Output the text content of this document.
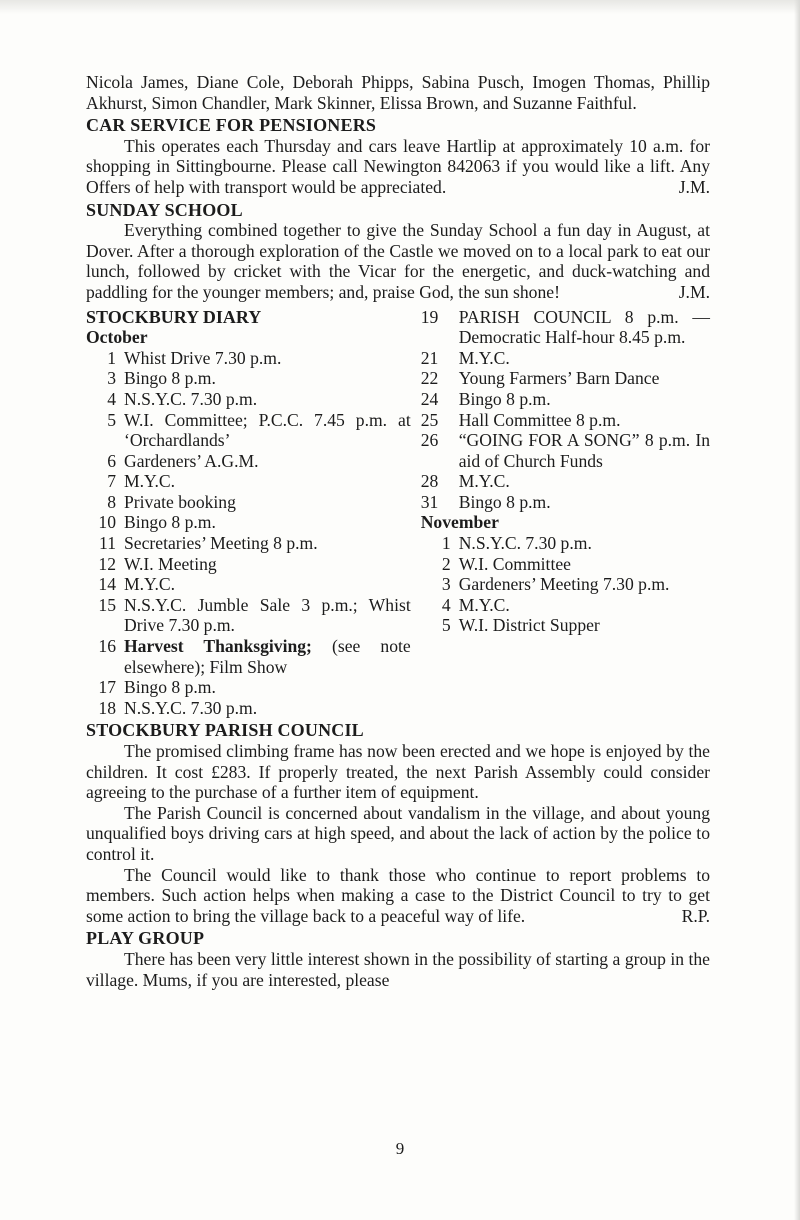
Nicola James, Diane Cole, Deborah Phipps, Sabina Pusch, Imogen Thomas, Phillip Akhurst, Simon Chandler, Mark Skinner, Elissa Brown, and Suzanne Faithful.

CAR SERVICE FOR PENSIONERS

This operates each Thursday and cars leave Hartlip at approximately 10 a.m. for shopping in Sittingbourne. Please call Newington 842063 if you would like a lift. Any Offers of help with transport would be appreciated.	J.M.

SUNDAY SCHOOL

Everything combined together to give the Sunday School a fun day in August, at Dover. After a thorough exploration of the Castle we moved on to a local park to eat our lunch, followed by cricket with the Vicar for the energetic, and duck-watching and paddling for the younger members; and, praise God, the sun shone!	J.M.

STOCKBURY DIARY
October
1 Whist Drive 7.30 p.m.
3 Bingo 8 p.m.
4 N.S.Y.C. 7.30 p.m.
5 W.I. Committee; P.C.C. 7.45 p.m. at ‘Orchardlands’
6 Gardeners’ A.G.M.
7 M.Y.C.
8 Private booking
10 Bingo 8 p.m.
11 Secretaries’ Meeting 8 p.m.
12 W.I. Meeting
14 M.Y.C.
15 N.S.Y.C. Jumble Sale 3 p.m.; Whist Drive 7.30 p.m.
16 Harvest Thanksgiving; (see note elsewhere); Film Show
17 Bingo 8 p.m.
18 N.S.Y.C. 7.30 p.m.
19	PARISH COUNCIL 8 p.m. —Democratic Half-hour 8.45 p.m.
21	M.Y.C.
22	Young Farmers’ Barn Dance
24	Bingo 8 p.m.
25	Hall Committee 8 p.m.
26	“GOING FOR A SONG” 8 p.m. In aid of Church Funds
28	M.Y.C.
31	Bingo 8 p.m.
November
1 N.S.Y.C. 7.30 p.m.
2 W.I. Committee
3 Gardeners’ Meeting 7.30 p.m.
4 M.Y.C.
5 W.I. District Supper
STOCKBURY PARISH COUNCIL

The promised climbing frame has now been erected and we hope is enjoyed by the children. It cost £283. If properly treated, the next Parish Assembly could consider agreeing to the purchase of a further item of equipment.

The Parish Council is concerned about vandalism in the village, and about young unqualified boys driving cars at high speed, and about the lack of action by the police to control it.

The Council would like to thank those who continue to report problems to members. Such action helps when making a case to the District Council to try to get some action to bring the village back to a peaceful way of life.	R.P.

PLAY GROUP

There has been very little interest shown in the possibility of starting a group in the village. Mums, if you are interested, please

9
